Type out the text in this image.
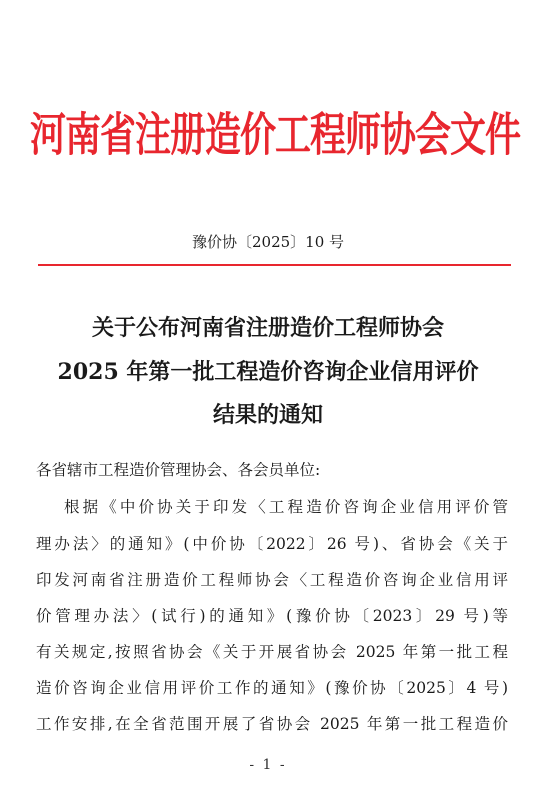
河南省注册造价工程师协会文件
豫价协〔2025〕10 号
关于公布河南省注册造价工程师协会
2025 年第一批工程造价咨询企业信用评价
结果的通知
各省辖市工程造价管理协会、各会员单位:
根据《中价协关于印发〈工程造价咨询企业信用评价管
理办法〉的通知》(中价协〔2022〕26 号)、省协会《关于
印发河南省注册造价工程师协会〈工程造价咨询企业信用评
价管理办法〉(试行)的通知》(豫价协〔2023〕29 号)等
有关规定,按照省协会《关于开展省协会 2025 年第一批工程
造价咨询企业信用评价工作的通知》(豫价协〔2025〕4 号)
工作安排,在全省范围开展了省协会 2025 年第一批工程造价
- 1 -
